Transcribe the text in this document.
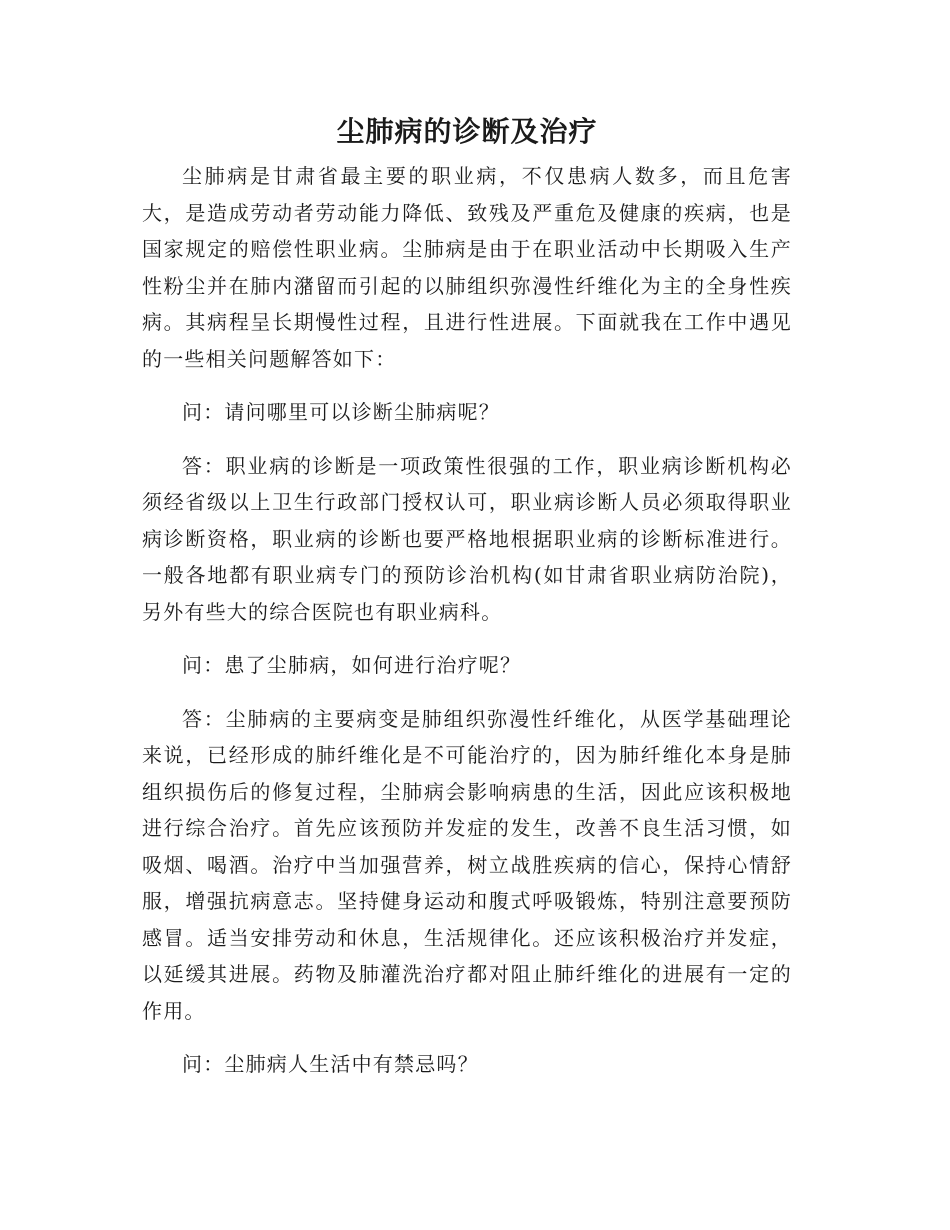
尘肺病的诊断及治疗

尘肺病是甘肃省最主要的职业病，不仅患病人数多，而且危害大，是造成劳动者劳动能力降低、致残及严重危及健康的疾病，也是国家规定的赔偿性职业病。尘肺病是由于在职业活动中长期吸入生产性粉尘并在肺内潴留而引起的以肺组织弥漫性纤维化为主的全身性疾病。其病程呈长期慢性过程，且进行性进展。下面就我在工作中遇见的一些相关问题解答如下：

问：请问哪里可以诊断尘肺病呢？

答：职业病的诊断是一项政策性很强的工作，职业病诊断机构必须经省级以上卫生行政部门授权认可，职业病诊断人员必须取得职业病诊断资格，职业病的诊断也要严格地根据职业病的诊断标准进行。一般各地都有职业病专门的预防诊治机构(如甘肃省职业病防治院)，另外有些大的综合医院也有职业病科。

问：患了尘肺病，如何进行治疗呢？

答：尘肺病的主要病变是肺组织弥漫性纤维化，从医学基础理论来说，已经形成的肺纤维化是不可能治疗的，因为肺纤维化本身是肺组织损伤后的修复过程，尘肺病会影响病患的生活，因此应该积极地进行综合治疗。首先应该预防并发症的发生，改善不良生活习惯，如吸烟、喝酒。治疗中当加强营养，树立战胜疾病的信心，保持心情舒服，增强抗病意志。坚持健身运动和腹式呼吸锻炼，特别注意要预防感冒。适当安排劳动和休息，生活规律化。还应该积极治疗并发症，以延缓其进展。药物及肺灌洗治疗都对阻止肺纤维化的进展有一定的作用。

问：尘肺病人生活中有禁忌吗？
